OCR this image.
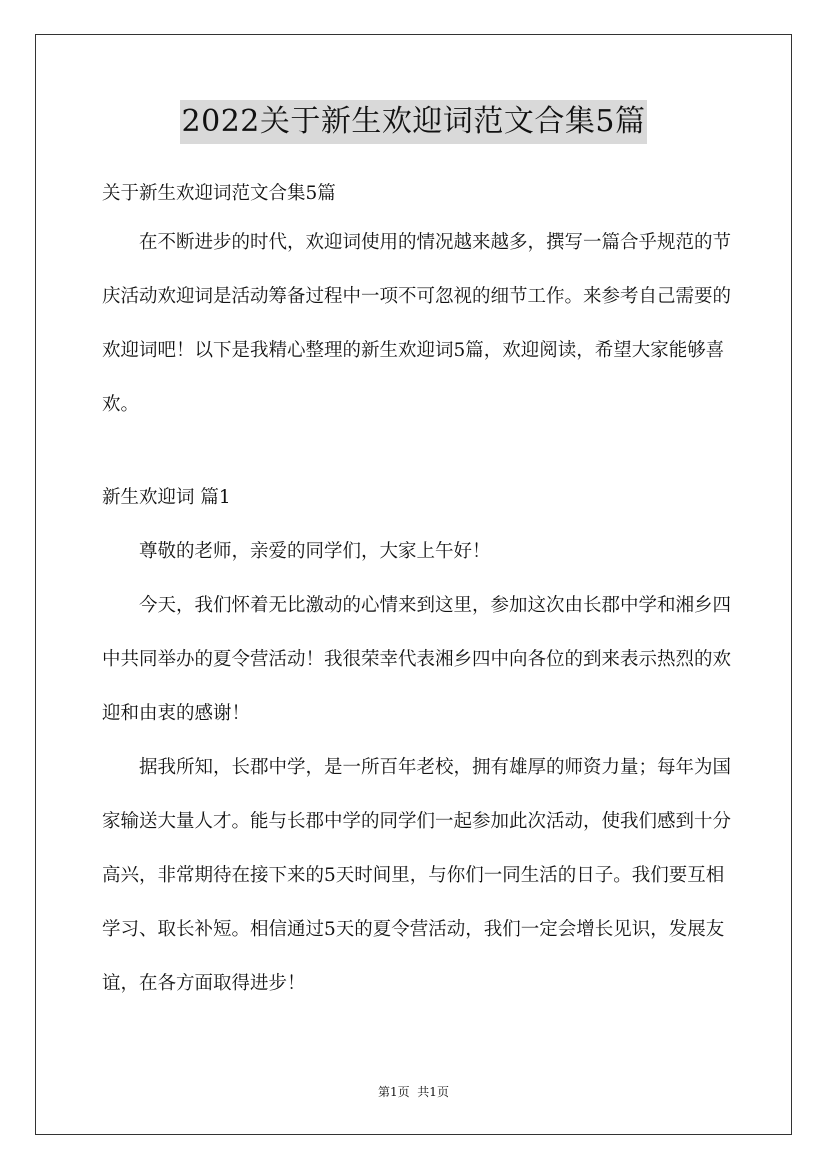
2022关于新生欢迎词范文合集5篇

关于新生欢迎词范文合集5篇

在不断进步的时代，欢迎词使用的情况越来越多，撰写一篇合乎规范的节庆活动欢迎词是活动筹备过程中一项不可忽视的细节工作。来参考自己需要的欢迎词吧！以下是我精心整理的新生欢迎词5篇，欢迎阅读，希望大家能够喜欢。

新生欢迎词 篇1

尊敬的老师，亲爱的同学们，大家上午好！

今天，我们怀着无比激动的心情来到这里，参加这次由长郡中学和湘乡四中共同举办的夏令营活动！我很荣幸代表湘乡四中向各位的到来表示热烈的欢迎和由衷的感谢！

据我所知，长郡中学，是一所百年老校，拥有雄厚的师资力量；每年为国家输送大量人才。能与长郡中学的同学们一起参加此次活动，使我们感到十分高兴，非常期待在接下来的5天时间里，与你们一同生活的日子。我们要互相学习、取长补短。相信通过5天的夏令营活动，我们一定会增长见识，发展友谊，在各方面取得进步！

第1页  共1页
